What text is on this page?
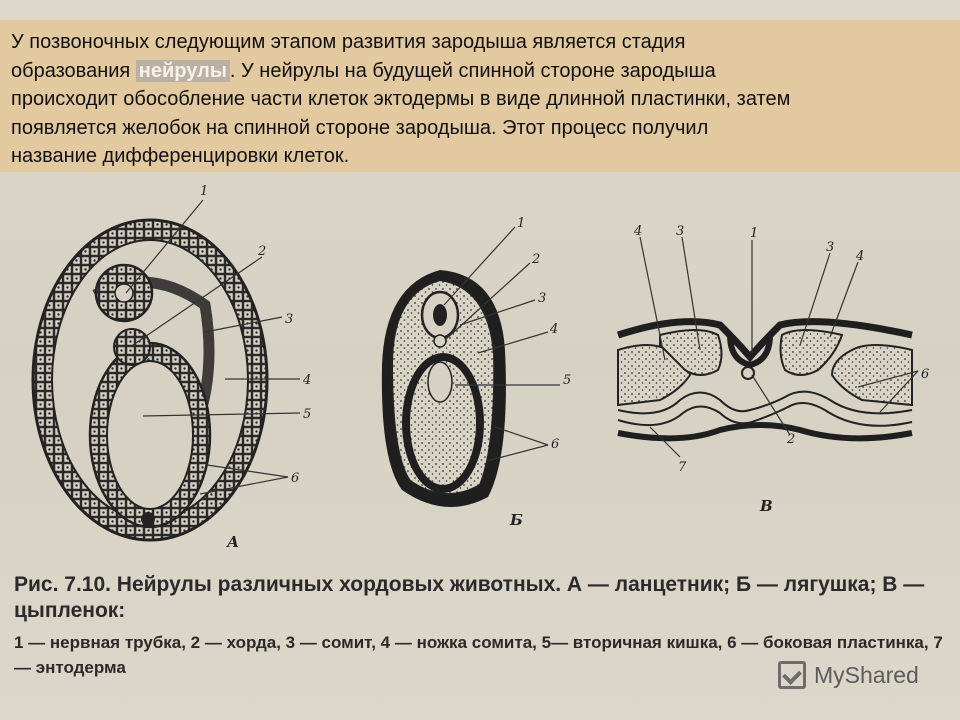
У позвоночных следующим этапом развития зародыша является стадия
образования нейрулы . У нейрулы на будущей спинной стороне зародыша
происходит обособление части клеток эктодермы в виде длинной пластинки, затем
появляется желобок на спинной стороне зародыша. Этот процесс получил
название дифференцировки клеток.
1
2
3
4
5
6
А
1
2
3
4
5
6
Б
4	3	1
3
4
6
2
7
В
Рис. 7.10. Нейрулы различных хордовых животных. А — ланцетник; Б — лягушка; В — цыпленок:
1 — нервная трубка, 2 — хорда, 3 — сомит, 4 — ножка сомита, 5— вторичная кишка, 6 — боковая пластинка, 7 — энтодерма	MyShared
